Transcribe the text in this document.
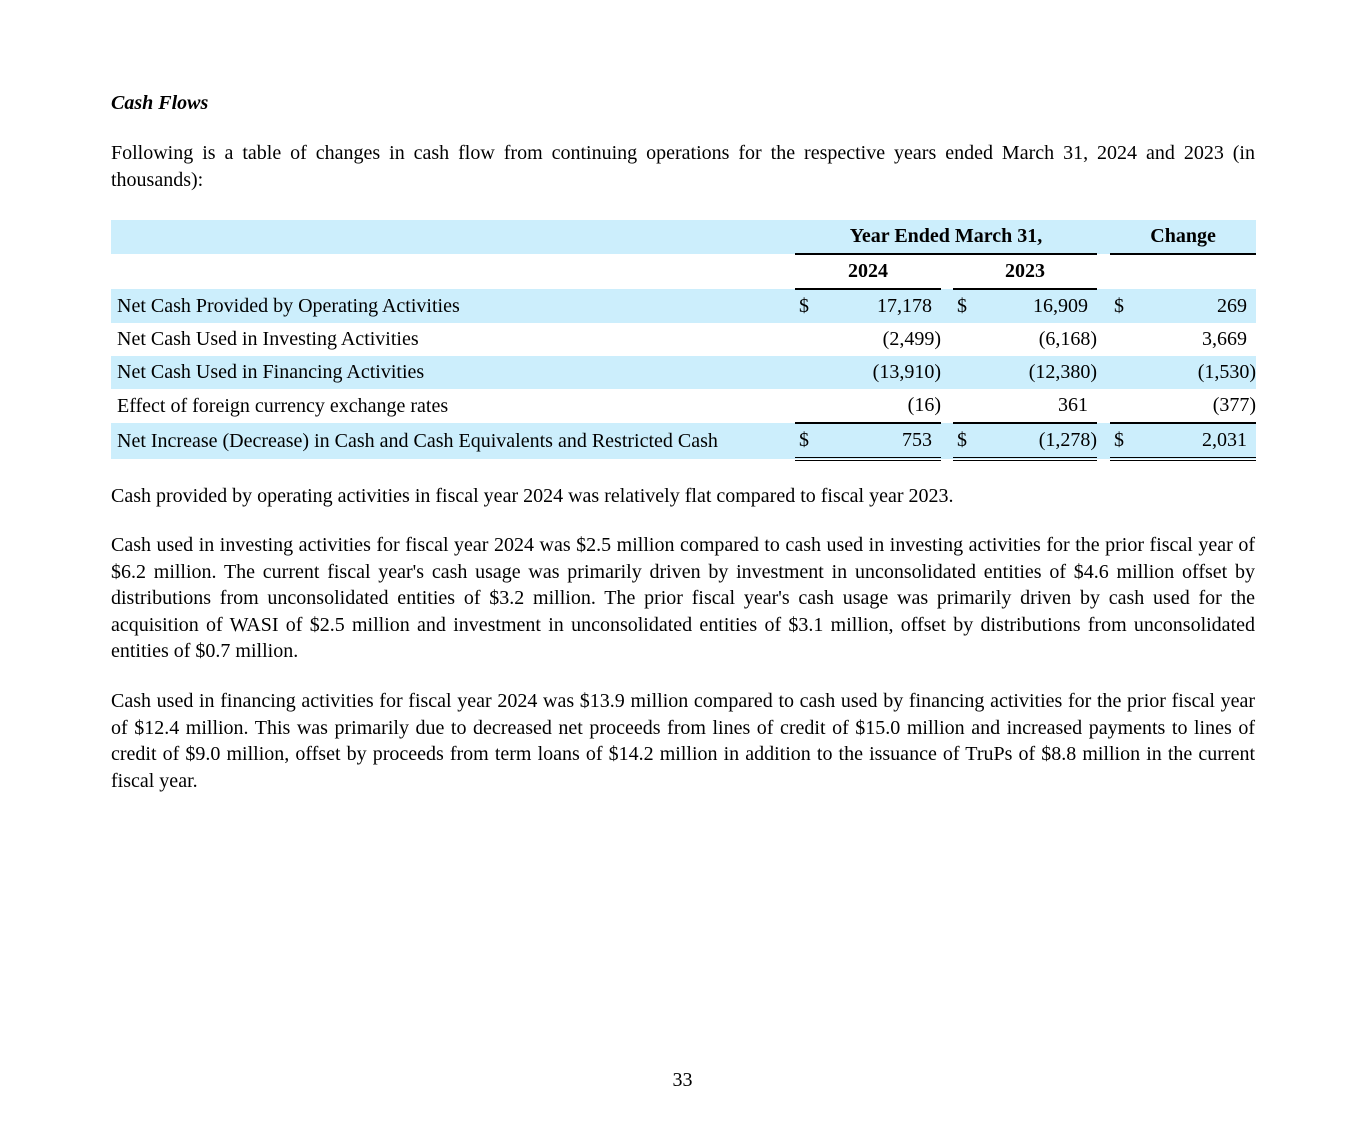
Cash Flows
Following is a table of changes in cash flow from continuing operations for the respective years ended March 31, 2024 and 2023 (in thousands):
	Year Ended March 31,						Change	
	2024			2023				
Net Cash Provided by Operating Activities	$	17,178		$	16,909		$	269
Net Cash Used in Investing Activities		(2,499)			(6,168)			3,669
Net Cash Used in Financing Activities		(13,910)			(12,380)			(1,530)
Effect of foreign currency exchange rates		(16)			361			(377)
Net Increase (Decrease) in Cash and Cash Equivalents and Restricted Cash	$	753		$	(1,278)		$	2,031
Cash provided by operating activities in fiscal year 2024 was relatively flat compared to fiscal year 2023.
Cash used in investing activities for fiscal year 2024 was $2.5 million compared to cash used in investing activities for the prior fiscal year of $6.2 million. The current fiscal year's cash usage was primarily driven by investment in unconsolidated entities of $4.6 million offset by distributions from unconsolidated entities of $3.2 million. The prior fiscal year's cash usage was primarily driven by cash used for the acquisition of WASI of $2.5 million and investment in unconsolidated entities of $3.1 million, offset by distributions from unconsolidated entities of $0.7 million.
Cash used in financing activities for fiscal year 2024 was $13.9 million compared to cash used by financing activities for the prior fiscal year of $12.4 million. This was primarily due to decreased net proceeds from lines of credit of $15.0 million and increased payments to lines of credit of $9.0 million, offset by proceeds from term loans of $14.2 million in addition to the issuance of TruPs of $8.8 million in the current fiscal year.
33
